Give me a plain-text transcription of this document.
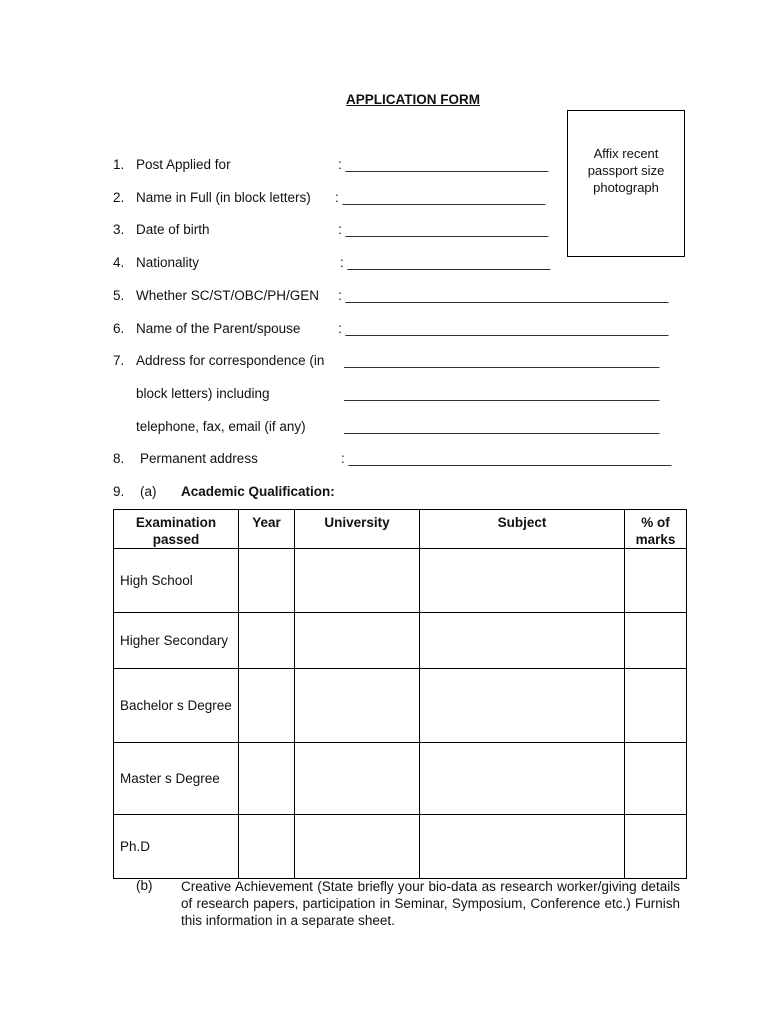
APPLICATION FORM
Affix recent
passport size
photograph
1. Post Applied for	: ___________________________
2. Name in Full (in block letters) : ___________________________
3. Date of birth	: ___________________________
4. Nationality	: ___________________________
5. Whether SC/ST/OBC/PH/GEN : ___________________________________________
6. Name of the Parent/spouse	: ___________________________________________
7. Address for correspondence (in __________________________________________
block letters) including	__________________________________________
telephone, fax, email (if any)	__________________________________________
8. Permanent address	: ___________________________________________
9. (a) Academic Qualification:
Examination passed	Year	University	Subject	% of marks
High School				
Higher Secondary				
Bachelor s Degree				
Master s Degree				
Ph.D				
(b) Creative Achievement (State briefly your bio-data as research worker/giving details of research papers, participation in Seminar, Symposium, Conference etc.) Furnish this information in a separate sheet.
